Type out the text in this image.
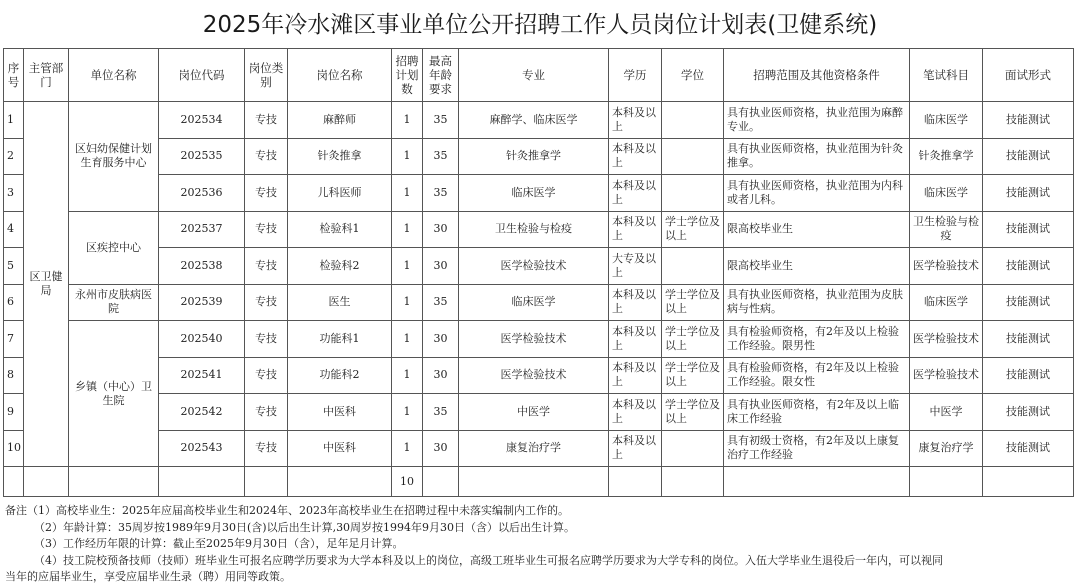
2025年冷水滩区事业单位公开招聘工作人员岗位计划表(卫健系统)
序号	主管部门	单位名称	岗位代码	岗位类别	岗位名称	招聘计划数	最高年龄要求	专业	学历	学位	招聘范围及其他资格条件	笔试科目	面试形式
1	区卫健局	区妇幼保健计划生育服务中心	202534	专技	麻醉师	1	35	麻醉学、临床医学	本科及以上		具有执业医师资格，执业范围为麻醉专业。	临床医学	技能测试
2			202535	专技	针灸推拿	1	35	针灸推拿学	本科及以上		具有执业医师资格，执业范围为针灸推拿。	针灸推拿学	技能测试
3			202536	专技	儿科医师	1	35	临床医学	本科及以上		具有执业医师资格，执业范围为内科或者儿科。	临床医学	技能测试
4		区疾控中心	202537	专技	检验科1	1	30	卫生检验与检疫	本科及以上	学士学位及以上	限高校毕业生	卫生检验与检疫	技能测试
5			202538	专技	检验科2	1	30	医学检验技术	大专及以上		限高校毕业生	医学检验技术	技能测试
6		永州市皮肤病医院	202539	专技	医生	1	35	临床医学	本科及以上	学士学位及以上	具有执业医师资格，执业范围为皮肤病与性病。	临床医学	技能测试
7		乡镇（中心）卫生院	202540	专技	功能科1	1	30	医学检验技术	本科及以上	学士学位及以上	具有检验师资格，有2年及以上检验工作经验。限男性	医学检验技术	技能测试
8			202541	专技	功能科2	1	30	医学检验技术	本科及以上	学士学位及以上	具有检验师资格，有2年及以上检验工作经验。限女性	医学检验技术	技能测试
9			202542	专技	中医科	1	35	中医学	本科及以上	学士学位及以上	具有执业医师资格，有2年及以上临床工作经验	中医学	技能测试
10			202543	专技	中医科	1	30	康复治疗学	本科及以上		具有初级士资格，有2年及以上康复治疗工作经验	康复治疗学	技能测试
						10							
备注（1）高校毕业生：2025年应届高校毕业生和2024年、2023年高校毕业生在招聘过程中未落实编制内工作的。
（2）年龄计算：35周岁按1989年9月30日(含)以后出生计算,30周岁按1994年9月30日（含）以后出生计算。
（3）工作经历年限的计算：截止至2025年9月30日（含），足年足月计算。
（4）技工院校预备技师（技师）班毕业生可报名应聘学历要求为大学本科及以上的岗位，高级工班毕业生可报名应聘学历要求为大学专科的岗位。入伍大学毕业生退役后一年内，可以视同
当年的应届毕业生，享受应届毕业生录（聘）用同等政策。
